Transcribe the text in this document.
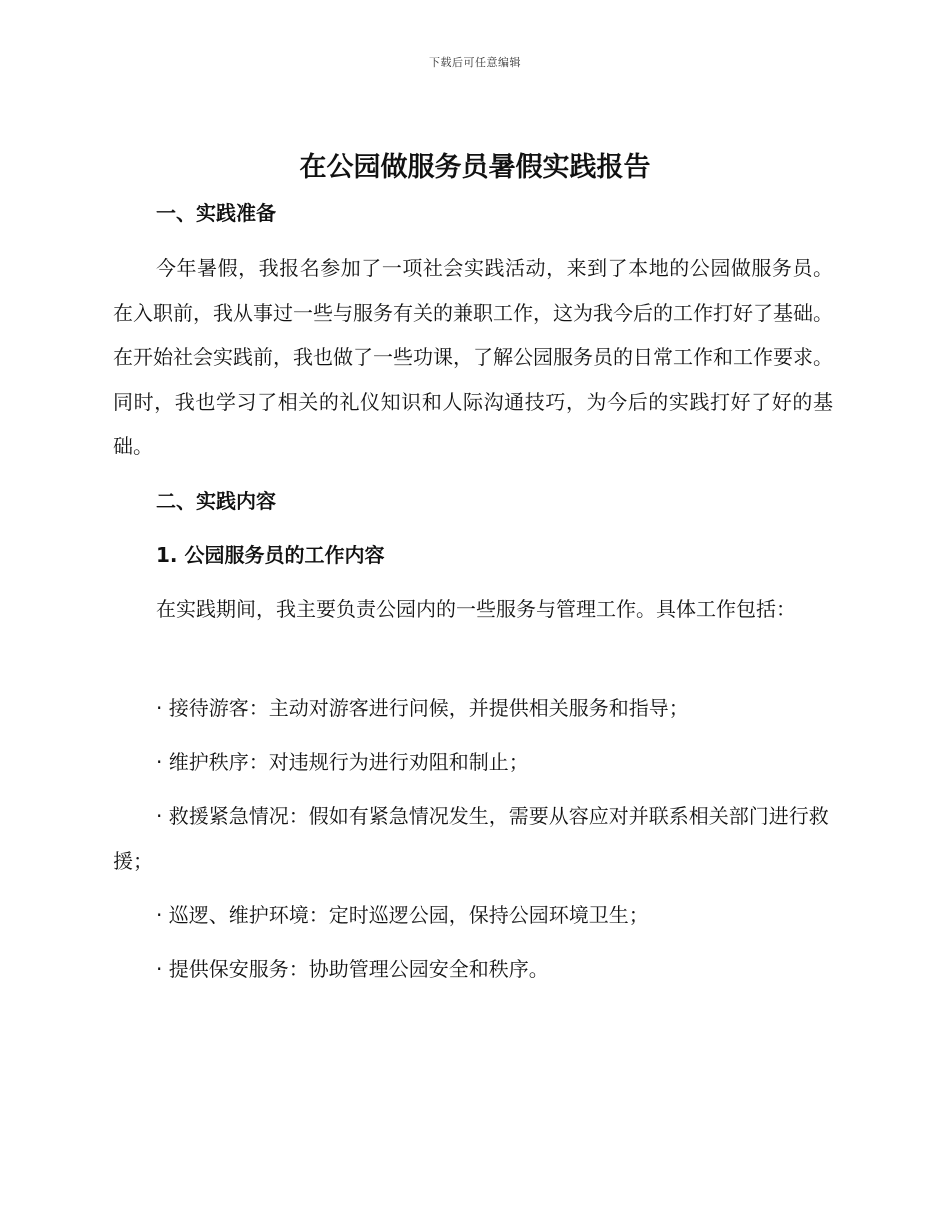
下载后可任意编辑
在公园做服务员暑假实践报告
一、实践准备

今年暑假，我报名参加了一项社会实践活动，来到了本地的公园做服务员。在入职前，我从事过一些与服务有关的兼职工作，这为我今后的工作打好了基础。在开始社会实践前，我也做了一些功课，了解公园服务员的日常工作和工作要求。同时，我也学习了相关的礼仪知识和人际沟通技巧，为今后的实践打好了好的基础。

二、实践内容
1. 公园服务员的工作内容

在实践期间，我主要负责公园内的一些服务与管理工作。具体工作包括：

· 接待游客：主动对游客进行问候，并提供相关服务和指导；

· 维护秩序：对违规行为进行劝阻和制止；

· 救援紧急情况：假如有紧急情况发生，需要从容应对并联系相关部门进行救援；

· 巡逻、维护环境：定时巡逻公园，保持公园环境卫生；

· 提供保安服务：协助管理公园安全和秩序。
